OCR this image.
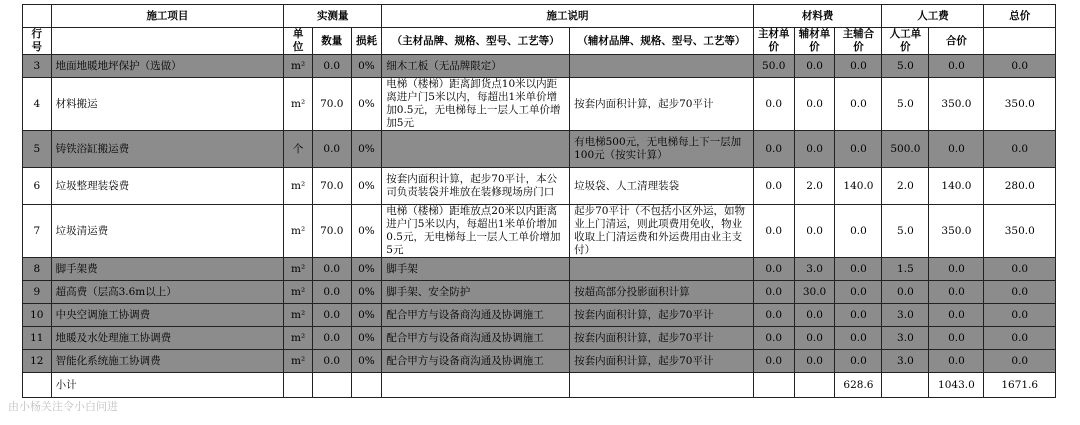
	施工项目	实测量			施工说明		材料费			人工费		总价
行号		单位	数量	损耗	（主材品牌、规格、型号、工艺等）	（辅材品牌、规格、型号、工艺等）	主材单价	辅材单价	主辅合价	人工单价	合价	
3	地面地暖地坪保护（选做）	m²	0.0	0%	细木工板（无品牌限定）		50.0	0.0	0.0	5.0	0.0	0.0
4	材料搬运	m²	70.0	0%	电梯（楼梯）距离卸货点10米以内距离进户门5米以内，每超出1米单价增加0.5元，无电梯每上一层人工单价增加5元	按套内面积计算，起步70平计	0.0	0.0	0.0	5.0	350.0	350.0
5	铸铁浴缸搬运费	个	0.0	0%		有电梯500元，无电梯每上下一层加100元（按实计算）	0.0	0.0	0.0	500.0	0.0	0.0
6	垃圾整理装袋费	m²	70.0	0%	按套内面积计算，起步70平计，本公司负责装袋并堆放在装修现场房门口	垃圾袋、人工清理装袋	0.0	2.0	140.0	2.0	140.0	280.0
7	垃圾清运费	m²	70.0	0%	电梯（楼梯）距堆放点20米以内距离进户门5米以内，每超出1米单价增加0.5元，无电梯每上一层人工单价增加5元	起步70平计（不包括小区外运，如物业上门清运，则此项费用免收，物业收取上门清运费和外运费用由业主支付）	0.0	0.0	0.0	5.0	350.0	350.0
8	脚手架费	m²	0.0	0%	脚手架		0.0	3.0	0.0	1.5	0.0	0.0
9	超高费（层高3.6m以上）	m²	0.0	0%	脚手架、安全防护	按超高部分投影面积计算	0.0	30.0	0.0	0.0	0.0	0.0
10	中央空调施工协调费	m²	0.0	0%	配合甲方与设备商沟通及协调施工	按套内面积计算，起步70平计	0.0	0.0	0.0	3.0	0.0	0.0
11	地暖及水处理施工协调费	m²	0.0	0%	配合甲方与设备商沟通及协调施工	按套内面积计算，起步70平计	0.0	0.0	0.0	3.0	0.0	0.0
12	智能化系统施工协调费	m²	0.0	0%	配合甲方与设备商沟通及协调施工	按套内面积计算，起步70平计	0.0	0.0	0.0	3.0	0.0	0.0
	小计								628.6		1043.0	1671.6
由小杨关注令小白问进
